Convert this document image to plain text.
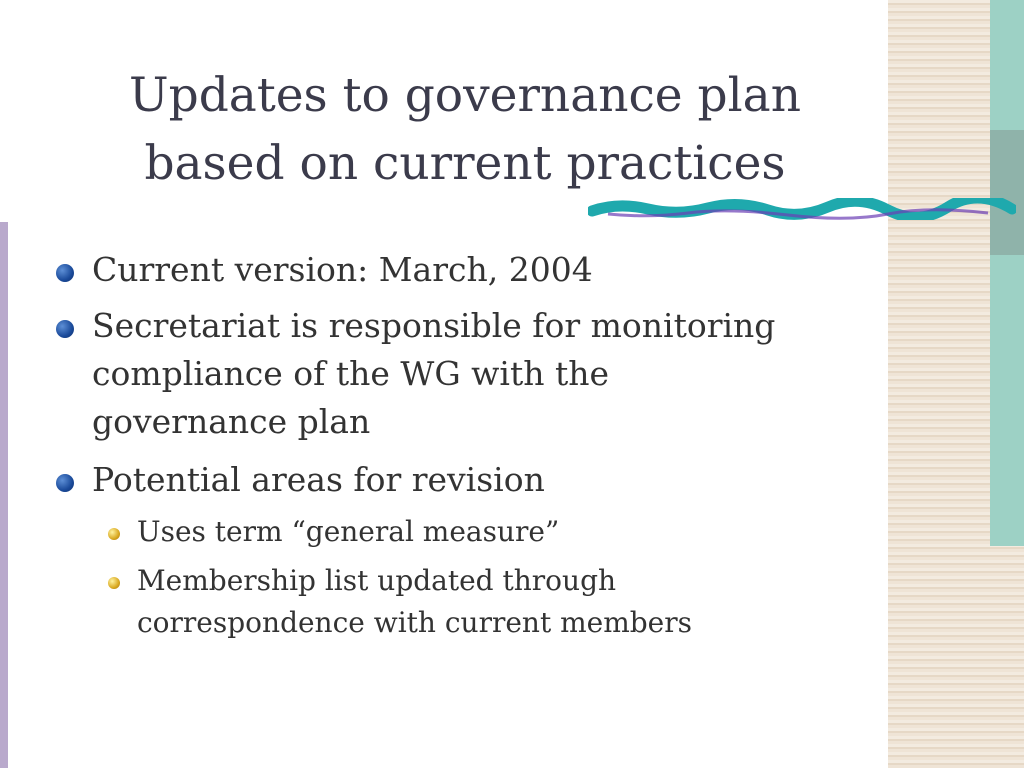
Updates to governance plan
based on current practices
Current version: March, 2004
Secretariat is responsible for monitoring
compliance of the WG with the
governance plan
Potential areas for revision
Uses term “general measure”
Membership list updated through
correspondence with current members
